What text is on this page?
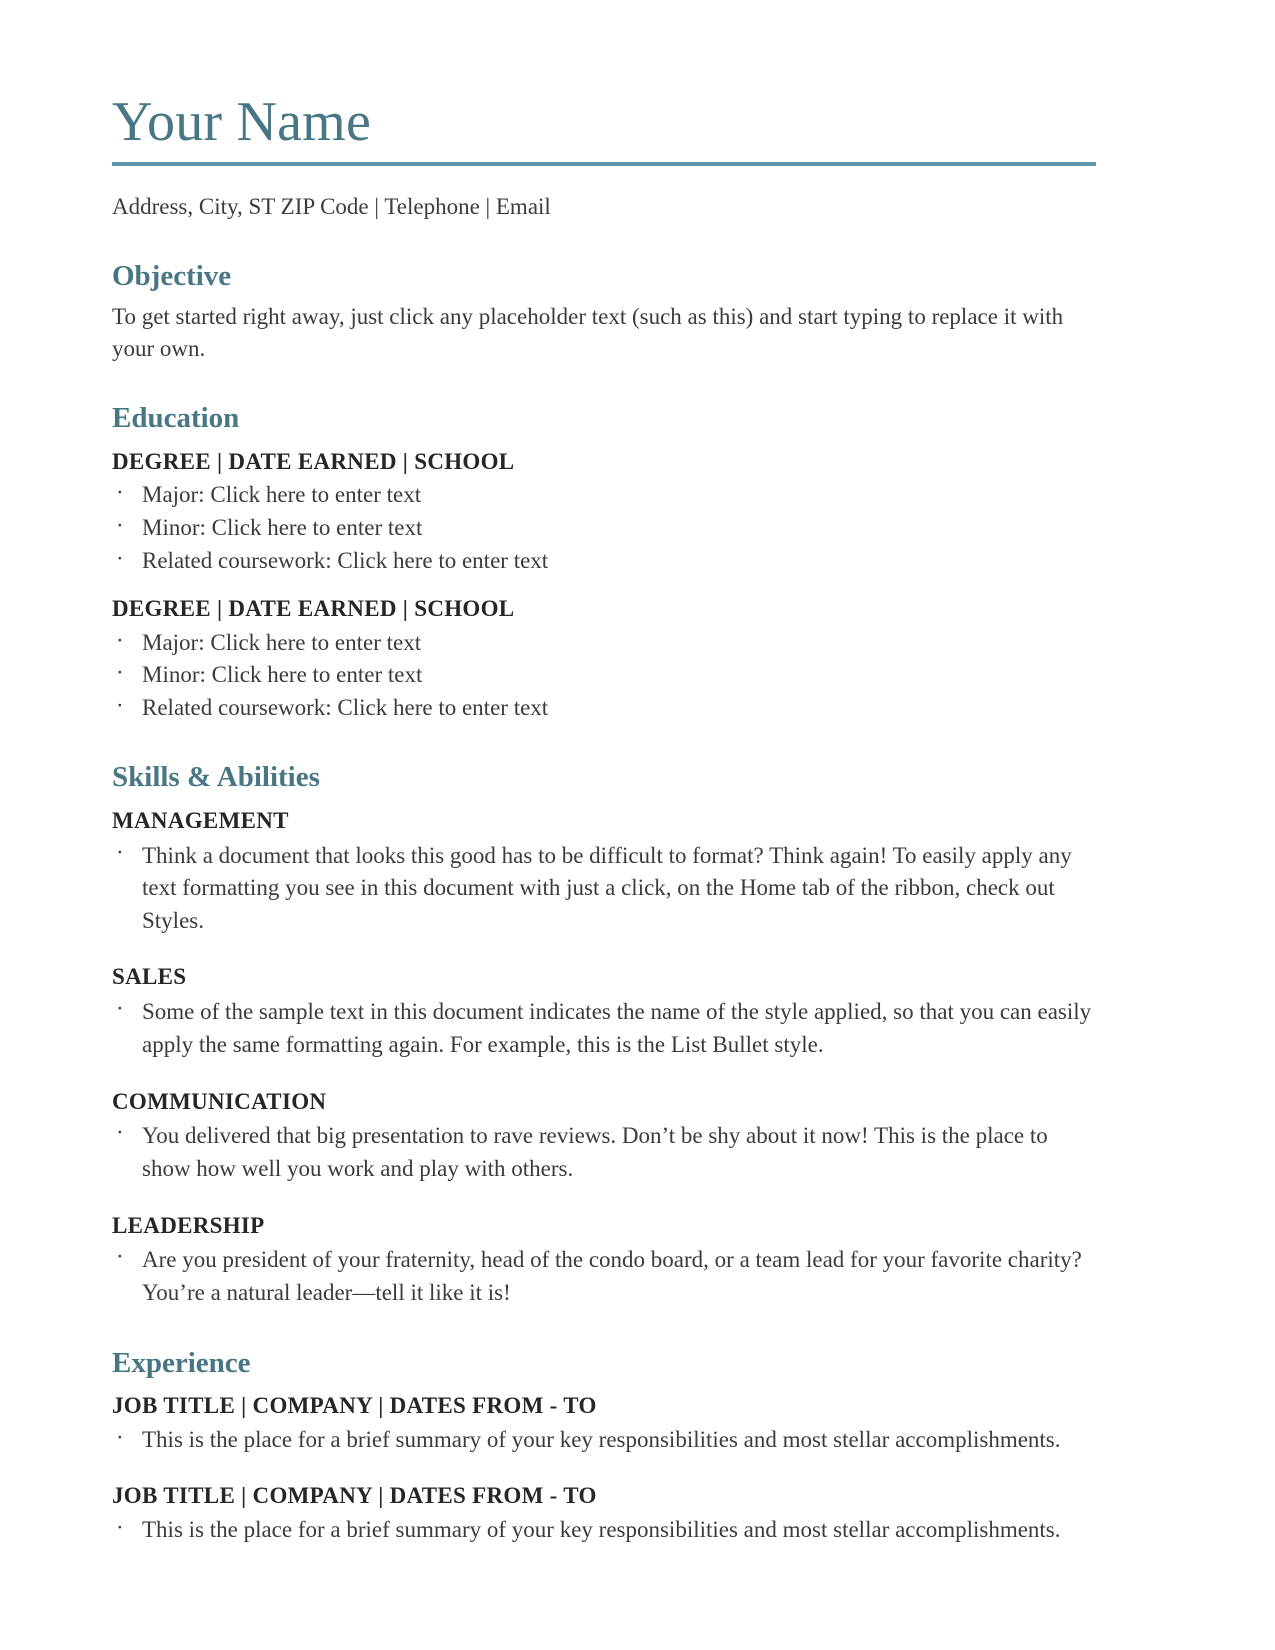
Your Name

Address, City, ST ZIP Code | Telephone | Email

Objective

To get started right away, just click any placeholder text (such as this) and start typing to replace it with your own.

Education
DEGREE | DATE EARNED | SCHOOL
· Major: Click here to enter text
· Minor: Click here to enter text
· Related coursework: Click here to enter text
DEGREE | DATE EARNED | SCHOOL
· Major: Click here to enter text
· Minor: Click here to enter text
· Related coursework: Click here to enter text
Skills & Abilities
MANAGEMENT
· Think a document that looks this good has to be difficult to format? Think again! To easily apply any text formatting you see in this document with just a click, on the Home tab of the ribbon, check out Styles.
SALES
· Some of the sample text in this document indicates the name of the style applied, so that you can easily apply the same formatting again. For example, this is the List Bullet style.
COMMUNICATION
· You delivered that big presentation to rave reviews. Don’t be shy about it now! This is the place to show how well you work and play with others.
LEADERSHIP
· Are you president of your fraternity, head of the condo board, or a team lead for your favorite charity? You’re a natural leader—tell it like it is!
Experience
JOB TITLE | COMPANY | DATES FROM - TO
· This is the place for a brief summary of your key responsibilities and most stellar accomplishments.
JOB TITLE | COMPANY | DATES FROM - TO
· This is the place for a brief summary of your key responsibilities and most stellar accomplishments.
